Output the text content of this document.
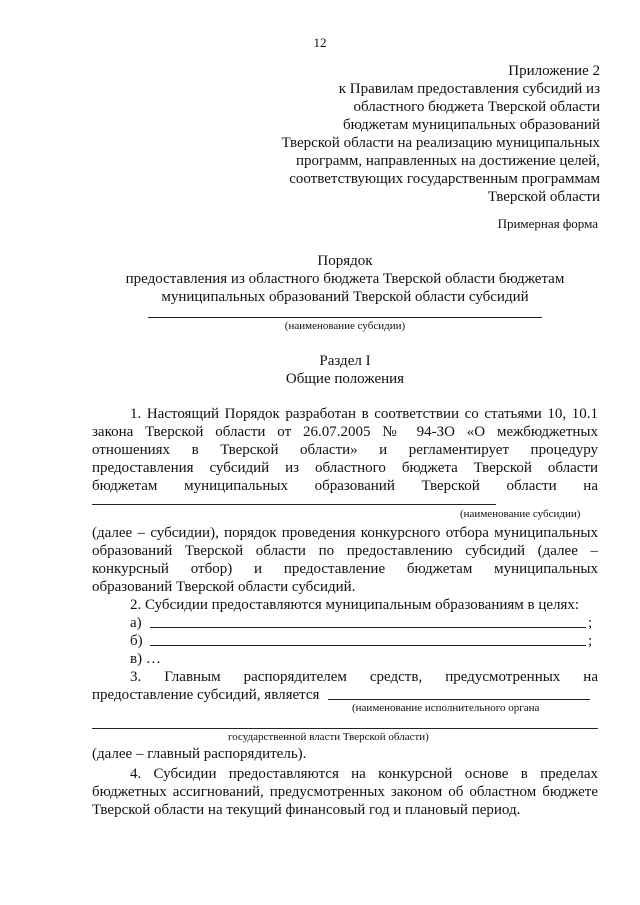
12
Приложение 2
к Правилам предоставления субсидий из
областного бюджета Тверской области
бюджетам муниципальных образований
Тверской области на реализацию муниципальных
программ, направленных на достижение целей,
соответствующих государственным программам
Тверской области
Примерная форма
Порядок
предоставления из областного бюджета Тверской области бюджетам
муниципальных образований Тверской области субсидий
(наименование субсидии)
Раздел I
Общие положения
1. Настоящий Порядок разработан в соответствии со статьями 10, 10.1
закона Тверской области от 26.07.2005 № 94-ЗО «О межбюджетных
отношениях в Тверской области» и регламентирует процедуру
предоставления субсидий из областного бюджета Тверской области
бюджетам муниципальных образований Тверской области на
(наименование субсидии)
(далее – субсидии), порядок проведения конкурсного отбора муниципальных
образований Тверской области по предоставлению субсидий (далее –
конкурсный отбор) и предоставление бюджетам муниципальных
образований Тверской области субсидий.
2. Субсидии предоставляются муниципальным образованиям в целях:
а)	;
б)	;
в) …
3. Главным распорядителем средств, предусмотренных на
предоставление субсидий, является
(наименование исполнительного органа
государственной власти Тверской области)
(далее – главный распорядитель).
4. Субсидии предоставляются на конкурсной основе в пределах
бюджетных ассигнований, предусмотренных законом об областном бюджете
Тверской области на текущий финансовый год и плановый период.
